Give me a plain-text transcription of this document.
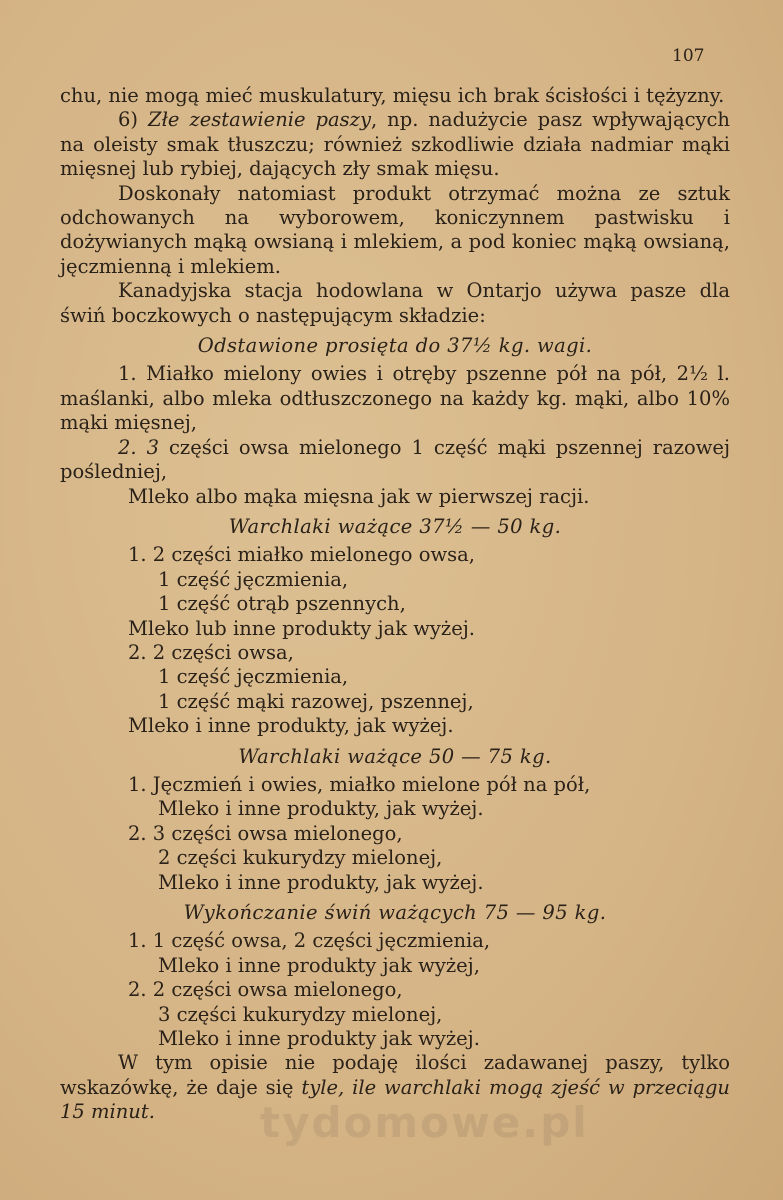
107

chu, nie mogą mieć muskulatury, mięsu ich brak ścisłości i tężyzny.

6) Złe zestawienie paszy, np. nadużycie pasz wpływających na oleisty smak tłuszczu; również szkodliwie działa nadmiar mąki mięsnej lub rybiej, dających zły smak mięsu.

Doskonały natomiast produkt otrzymać można ze sztuk odchowanych na wyborowem, koniczynnem pastwisku i dożywianych mąką owsianą i mlekiem, a pod koniec mąką owsianą, jęczmienną i mlekiem.

Kanadyjska stacja hodowlana w Ontarjo używa pasze dla świń boczkowych o następującym składzie:

Odstawione prosięta do 37½ kg. wagi.

1. Miałko mielony owies i otręby pszenne pół na pół, 2½ l. maślanki, albo mleka odtłuszczonego na każdy kg. mąki, albo 10% mąki mięsnej,

2. 3 części owsa mielonego 1 część mąki pszennej razowej pośledniej,

Mleko albo mąka mięsna jak w pierwszej racji.

Warchlaki ważące 37½ — 50 kg.

1. 2 części miałko mielonego owsa,

1 część jęczmienia,

1 część otrąb pszennych,

Mleko lub inne produkty jak wyżej.

2. 2 części owsa,

1 część jęczmienia,

1 część mąki razowej, pszennej,

Mleko i inne produkty, jak wyżej.

Warchlaki ważące 50 — 75 kg.

1. Jęczmień i owies, miałko mielone pół na pół,

Mleko i inne produkty, jak wyżej.

2. 3 części owsa mielonego,

2 części kukurydzy mielonej,

Mleko i inne produkty, jak wyżej.

Wykończanie świń ważących 75 — 95 kg.

1. 1 część owsa, 2 części jęczmienia,

Mleko i inne produkty jak wyżej,

2. 2 części owsa mielonego,

3 części kukurydzy mielonej,

Mleko i inne produkty jak wyżej.

W tym opisie nie podaję ilości zadawanej paszy, tylko wskazówkę, że daje się tyle, ile warchlaki mogą zjeść w przeciągu 15 minut.	tydomowe.pl
